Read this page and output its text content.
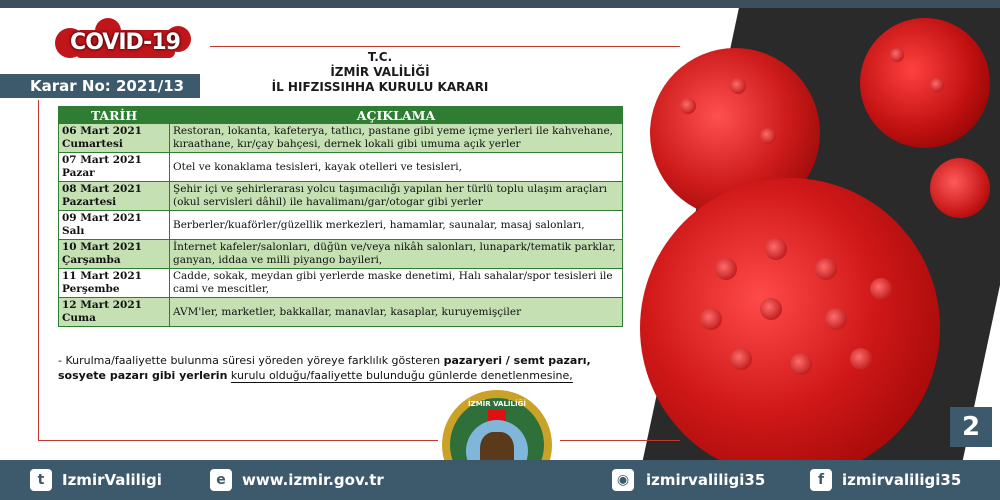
COVID-19
Karar No: 2021/13
T.C.
İZMİR VALİLİĞİ
İL HIFZISSIHHA KURULU KARARI
TARİH	AÇIKLAMA

06 Mart 2021
Cumartesi	Restoran, lokanta, kafeterya, tatlıcı, pastane gibi yeme içme yerleri ile kahvehane, kıraathane, kır/çay bahçesi, dernek lokali gibi umuma açık yerler

07 Mart 2021
Pazar	Otel ve konaklama tesisleri, kayak otelleri ve tesisleri,

08 Mart 2021
Pazartesi	Şehir içi ve şehirlerarası yolcu taşımacılığı yapılan her türlü toplu ulaşım araçları (okul servisleri dâhil) ile havalimanı/gar/otogar gibi yerler

09 Mart 2021
Salı	Berberler/kuaförler/güzellik merkezleri, hamamlar, saunalar, masaj salonları,

10 Mart 2021
Çarşamba	İnternet kafeler/salonları, düğün ve/veya nikâh salonları, lunapark/tematik parklar, ganyan, iddaa ve milli piyango bayileri,

11 Mart 2021
Perşembe	Cadde, sokak, meydan gibi yerlerde maske denetimi, Halı sahalar/spor tesisleri ile cami ve mescitler,

12 Mart 2021
Cuma	AVM'ler, marketler, bakkallar, manavlar, kasaplar, kuruyemişçiler
- Kurulma/faaliyette bulunma süresi yöreden yöreye farklılık gösteren pazaryeri / semt pazarı, sosyete pazarı gibi yerlerin kurulu olduğu/faaliyette bulunduğu günlerde denetlenmesine,
İZMİR VALİLİĞİ
2
t	IzmirValiligi	e	www.izmir.gov.tr	◉	izmirvaliligi35	f	izmirvaliligi35
